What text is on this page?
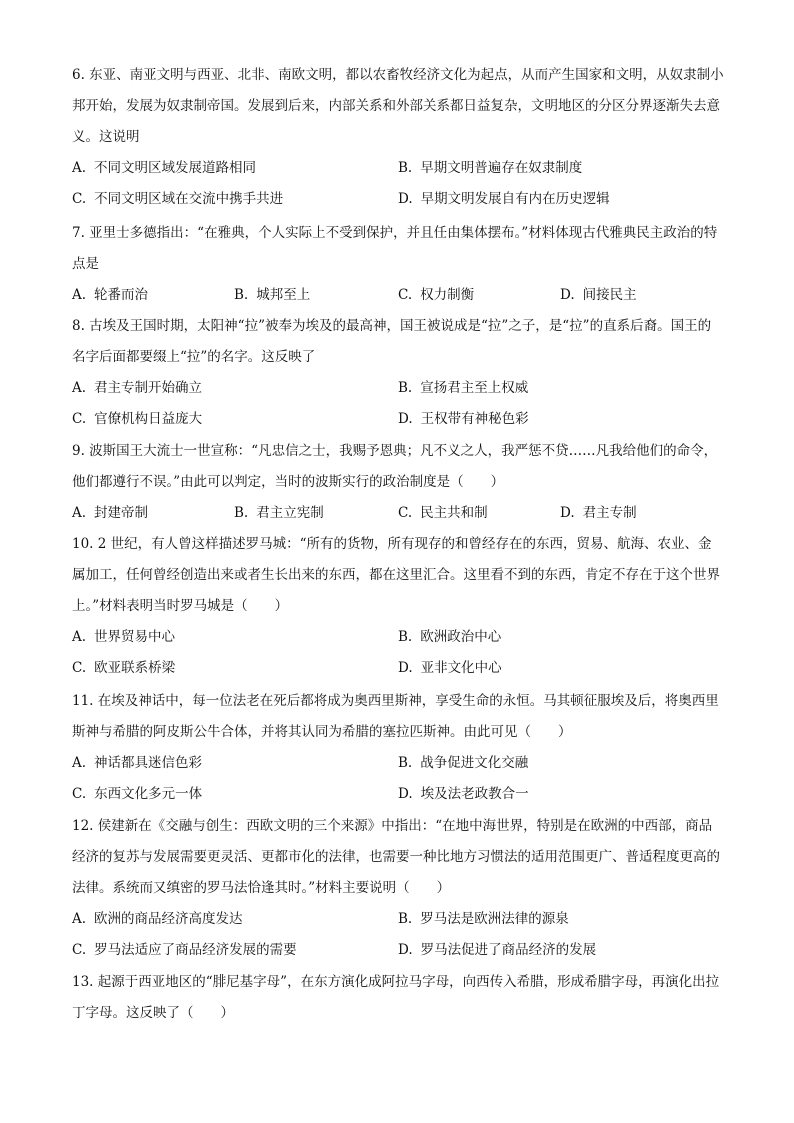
6. 东亚、南亚文明与西亚、北非、南欧文明，都以农畜牧经济文化为起点，从而产生国家和文明，从奴隶制小邦开始，发展为奴隶制帝国。发展到后来，内部关系和外部关系都日益复杂，文明地区的分区分界逐渐失去意义。这说明
A. 不同文明区域发展道路相同	B. 早期文明普遍存在奴隶制度
C. 不同文明区域在交流中携手共进	D. 早期文明发展自有内在历史逻辑
7. 亚里士多德指出：“在雅典，个人实际上不受到保护，并且任由集体摆布。”材料体现古代雅典民主政治的特点是
A. 轮番而治	B. 城邦至上	C. 权力制衡	D. 间接民主
8. 古埃及王国时期，太阳神“拉”被奉为埃及的最高神，国王被说成是“拉”之子，是“拉”的直系后裔。国王的名字后面都要缀上“拉”的名字。这反映了
A. 君主专制开始确立	B. 宣扬君主至上权威
C. 官僚机构日益庞大	D. 王权带有神秘色彩
9. 波斯国王大流士一世宣称：“凡忠信之士，我赐予恩典；凡不义之人，我严惩不贷……凡我给他们的命令，他们都遵行不误。”由此可以判定，当时的波斯实行的政治制度是（　　）
A. 封建帝制	B. 君主立宪制	C. 民主共和制	D. 君主专制
10. 2 世纪，有人曾这样描述罗马城：“所有的货物，所有现存的和曾经存在的东西，贸易、航海、农业、金属加工，任何曾经创造出来或者生长出来的东西，都在这里汇合。这里看不到的东西，肯定不存在于这个世界上。”材料表明当时罗马城是（　　）
A. 世界贸易中心	B. 欧洲政治中心
C. 欧亚联系桥梁	D. 亚非文化中心
11. 在埃及神话中，每一位法老在死后都将成为奥西里斯神，享受生命的永恒。马其顿征服埃及后，将奥西里斯神与希腊的阿皮斯公牛合体，并将其认同为希腊的塞拉匹斯神。由此可见（　　）
A. 神话都具迷信色彩	B. 战争促进文化交融
C. 东西文化多元一体	D. 埃及法老政教合一
12. 侯建新在《交融与创生：西欧文明的三个来源》中指出：“在地中海世界，特别是在欧洲的中西部，商品经济的复苏与发展需要更灵活、更都市化的法律，也需要一种比地方习惯法的适用范围更广、普适程度更高的法律。系统而又缜密的罗马法恰逢其时。”材料主要说明（　　）
A. 欧洲的商品经济高度发达	B. 罗马法是欧洲法律的源泉
C. 罗马法适应了商品经济发展的需要	D. 罗马法促进了商品经济的发展
13. 起源于西亚地区的“腓尼基字母”，在东方演化成阿拉马字母，向西传入希腊，形成希腊字母，再演化出拉丁字母。这反映了（　　）
